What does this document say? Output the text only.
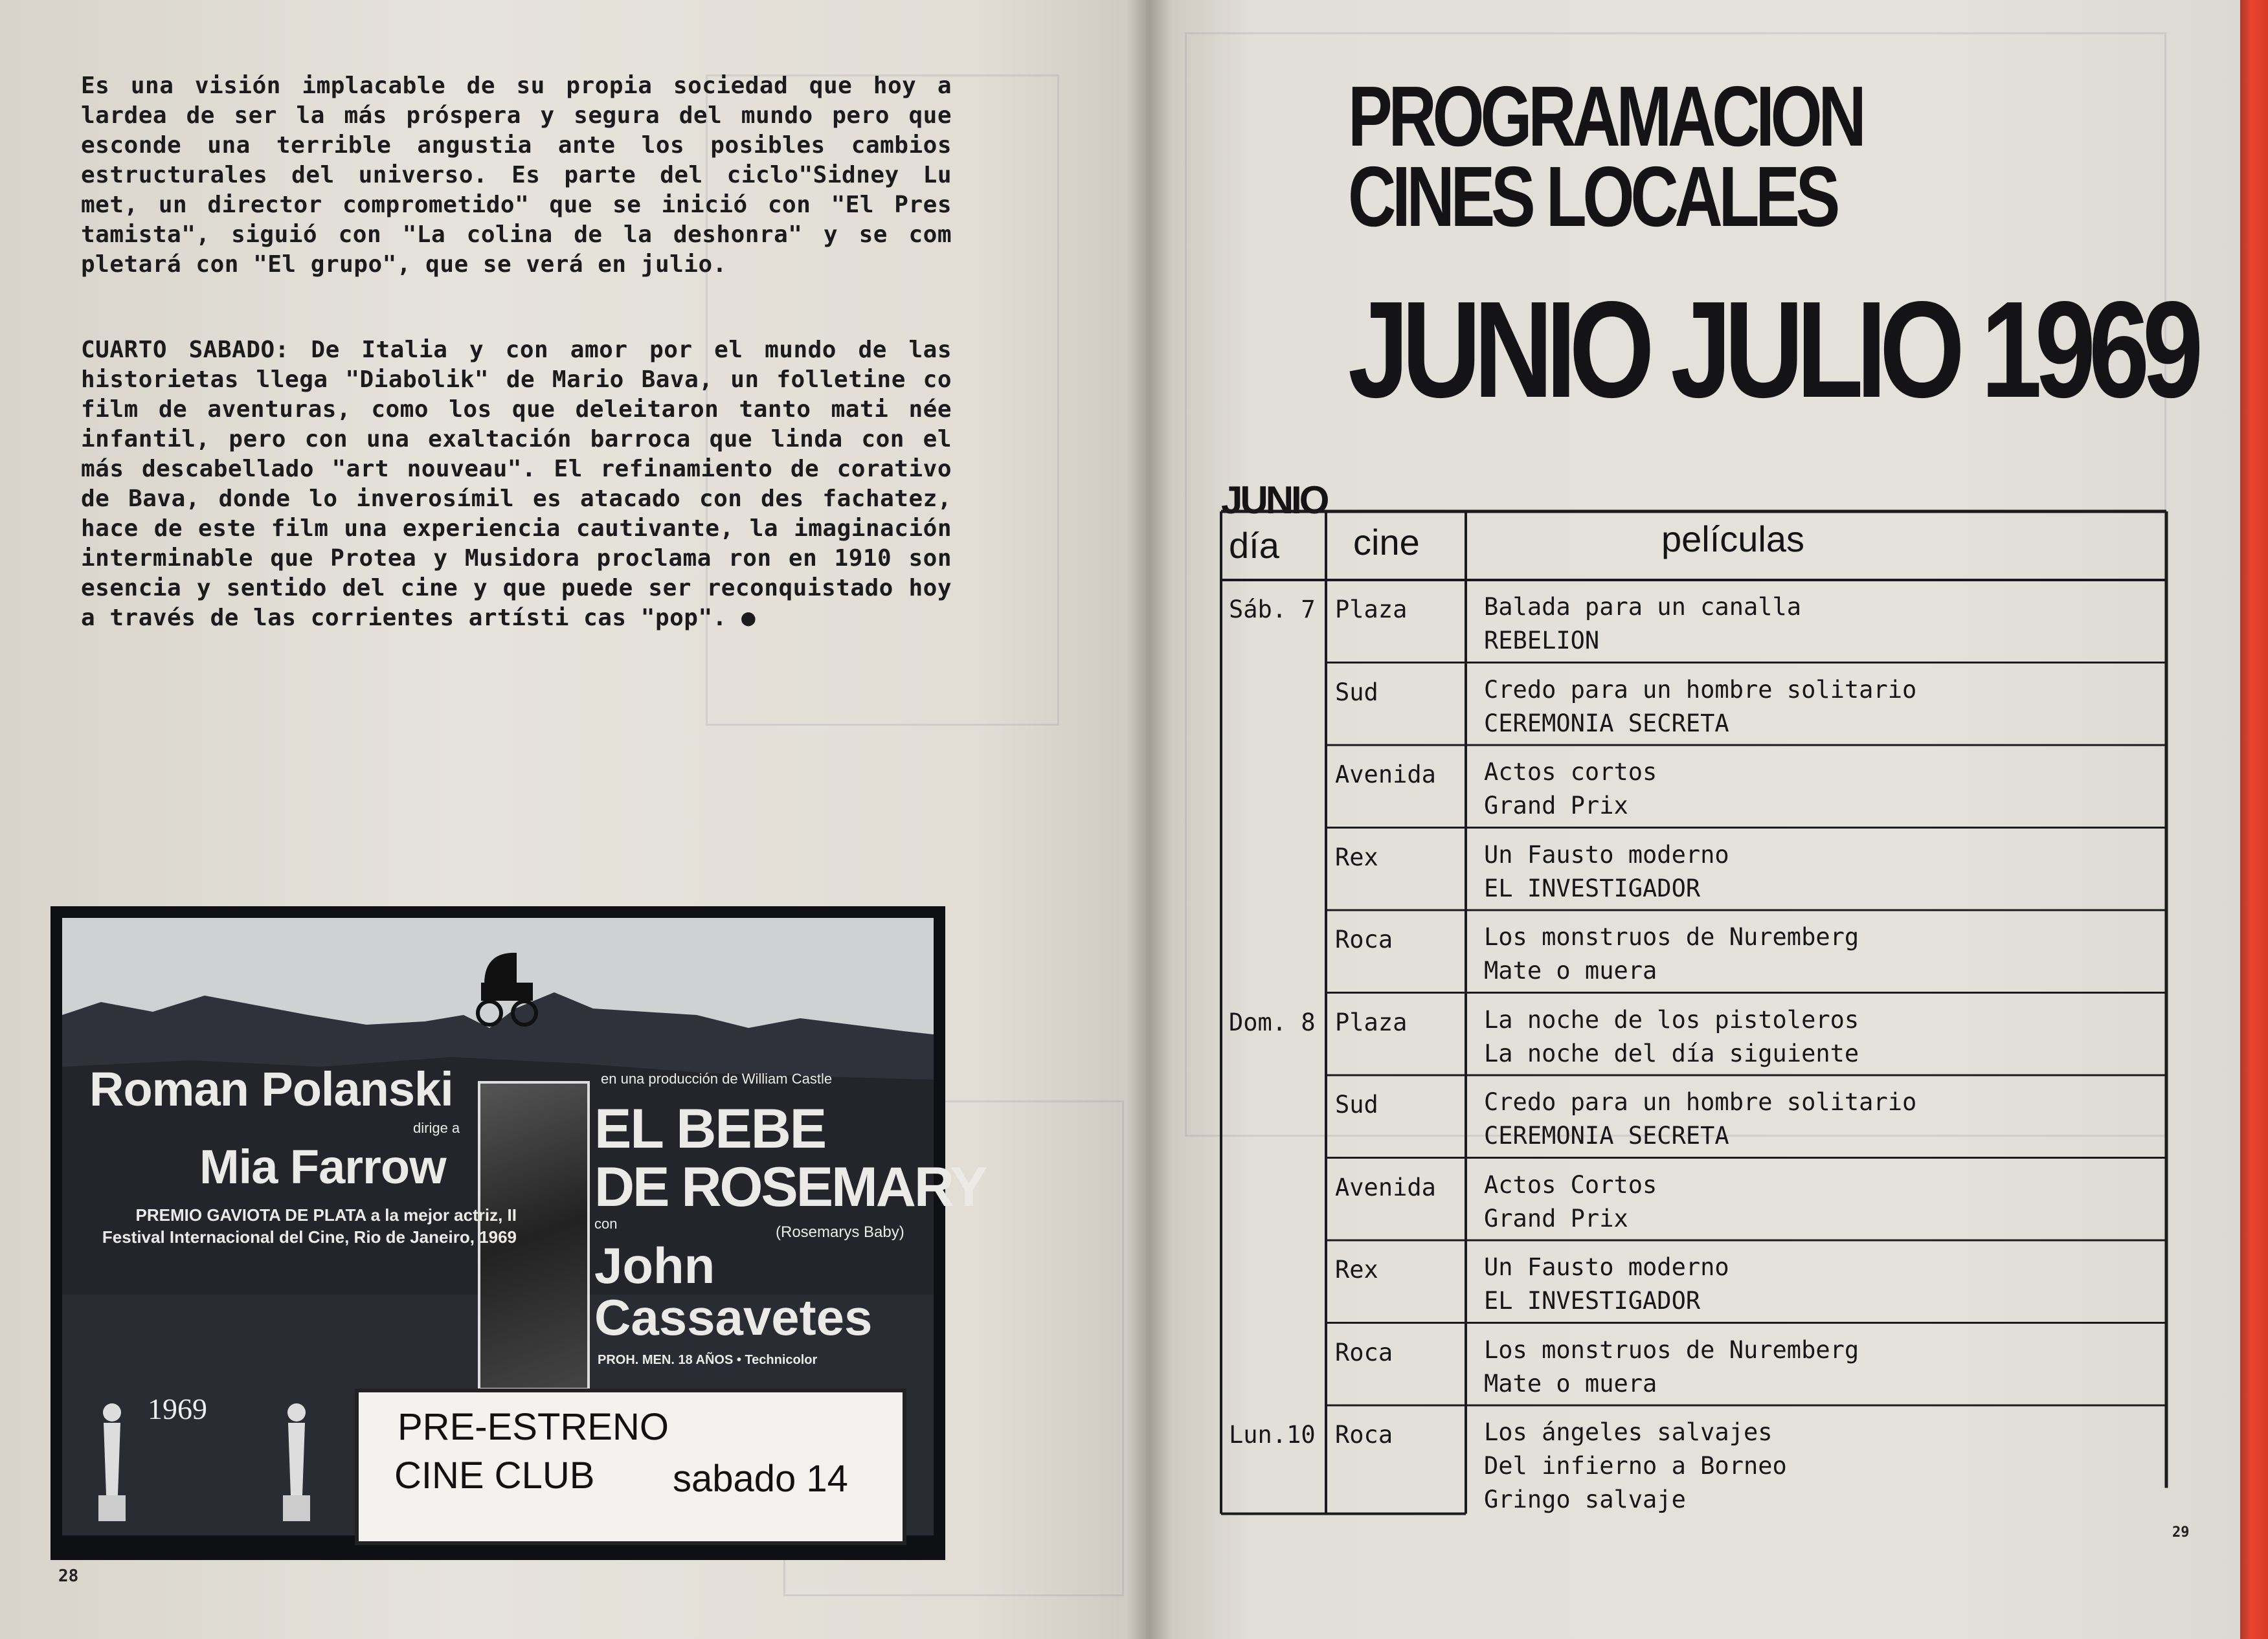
Es una visión implacable de su propia sociedad que hoy a lardea de ser la más próspera y segura del mundo pero que esconde una terrible angustia ante los posibles cambios estructurales del universo. Es parte del ciclo"Sidney Lu met, un director comprometido" que se inició con "El Pres tamista", siguió con "La colina de la deshonra" y se com pletará con "El grupo", que se verá en julio.
CUARTO SABADO: De Italia y con amor por el mundo de las historietas llega "Diabolik" de Mario Bava, un folletine co film de aventuras, como los que deleitaron tanto mati née infantil, pero con una exaltación barroca que linda con el más descabellado "art nouveau". El refinamiento de corativo de Bava, donde lo inverosímil es atacado con des fachatez, hace de este film una experiencia cautivante, la imaginación interminable que Protea y Musidora proclama ron en 1910 son esencia y sentido del cine y que puede ser reconquistado hoy a través de las corrientes artísti cas "pop". ●
Roman Polanski
dirige a
Mia Farrow
PREMIO GAVIOTA DE PLATA a la mejor actriz, II Festival Internacional del Cine, Rio de Janeiro, 1969
en una producción de William Castle
EL BEBE
DE ROSEMARY
(Rosemarys Baby)
con
John
Cassavetes
PROH. MEN. 18 AÑOS • Technicolor
1969	PRE-ESTRENO
CINE CLUB sabado 14
28
PROGRAMACION
CINES LOCALES
JUNIO JULIO 1969
JUNIO
día cine	películas
Sáb. 7 Plaza	Balada para un canalla
REBELION
Sud	Credo para un hombre solitario
CEREMONIA SECRETA
Avenida Actos cortos
Grand Prix
Rex	Un Fausto moderno
EL INVESTIGADOR
Roca	Los monstruos de Nuremberg
Mate o muera
Dom. 8 Plaza	La noche de los pistoleros
La noche del día siguiente
Sud	Credo para un hombre solitario
CEREMONIA SECRETA
Avenida Actos Cortos
Grand Prix
Rex	Un Fausto moderno
EL INVESTIGADOR
Roca	Los monstruos de Nuremberg
Mate o muera
Lun.10 Roca	Los ángeles salvajes
Del infierno a Borneo
Gringo salvaje
29
